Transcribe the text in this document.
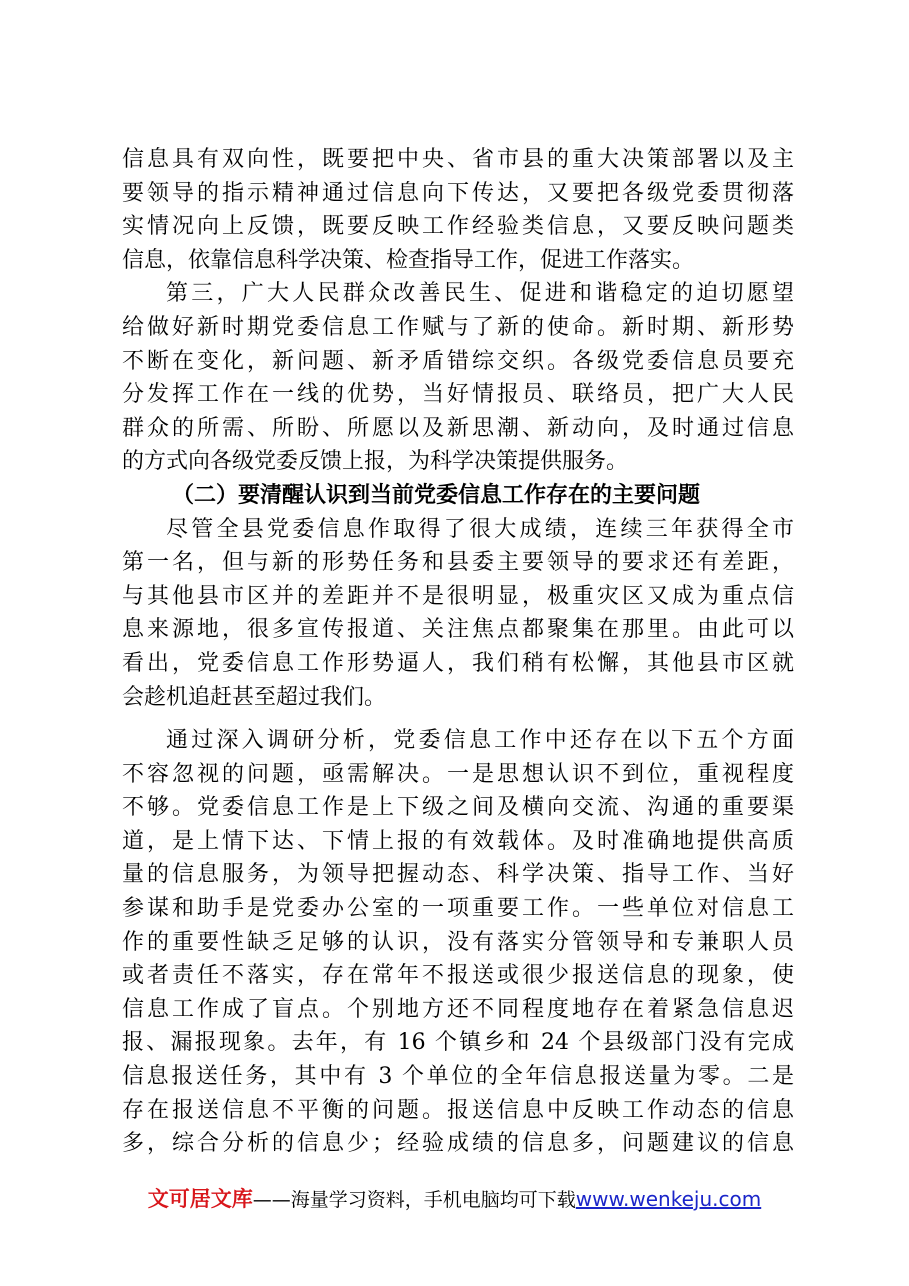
信息具有双向性，既要把中央、省市县的重大决策部署以及主
要领导的指示精神通过信息向下传达，又要把各级党委贯彻落
实情况向上反馈，既要反映工作经验类信息，又要反映问题类
信息，依靠信息科学决策、检查指导工作，促进工作落实。
第三，广大人民群众改善民生、促进和谐稳定的迫切愿望
给做好新时期党委信息工作赋与了新的使命。新时期、新形势
不断在变化，新问题、新矛盾错综交织。各级党委信息员要充
分发挥工作在一线的优势，当好情报员、联络员，把广大人民
群众的所需、所盼、所愿以及新思潮、新动向，及时通过信息
的方式向各级党委反馈上报，为科学决策提供服务。
（二）要清醒认识到当前党委信息工作存在的主要问题
尽管全县党委信息作取得了很大成绩，连续三年获得全市
第一名，但与新的形势任务和县委主要领导的要求还有差距，
与其他县市区并的差距并不是很明显，极重灾区又成为重点信
息来源地，很多宣传报道、关注焦点都聚集在那里。由此可以
看出，党委信息工作形势逼人，我们稍有松懈，其他县市区就
会趁机追赶甚至超过我们。
通过深入调研分析，党委信息工作中还存在以下五个方面
不容忽视的问题，亟需解决。一是思想认识不到位，重视程度
不够。党委信息工作是上下级之间及横向交流、沟通的重要渠
道，是上情下达、下情上报的有效载体。及时准确地提供高质
量的信息服务，为领导把握动态、科学决策、指导工作、当好
参谋和助手是党委办公室的一项重要工作。一些单位对信息工
作的重要性缺乏足够的认识，没有落实分管领导和专兼职人员
或者责任不落实，存在常年不报送或很少报送信息的现象，使
信息工作成了盲点。个别地方还不同程度地存在着紧急信息迟
报、漏报现象。去年，有 16 个镇乡和 24 个县级部门没有完成
信息报送任务，其中有 3 个单位的全年信息报送量为零。二是
存在报送信息不平衡的问题。报送信息中反映工作动态的信息
多，综合分析的信息少；经验成绩的信息多，问题建议的信息
文可居文库——海量学习资料，手机电脑均可下载www.wenkeju.com
